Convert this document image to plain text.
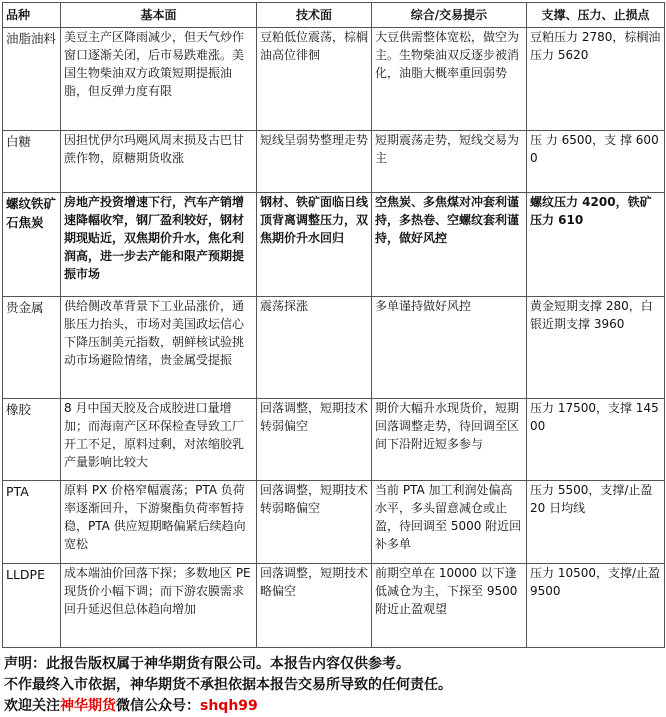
品种	基本面	技术面	综合/交易提示	支撑、压力、止损点
油脂油料	美豆主产区降雨减少，但天气炒作窗口逐渐关闭，后市易跌难涨。美国生物柴油双方政策短期提振油脂，但反弹力度有限	豆粕低位震荡，棕榈油高位徘徊	大豆供需整体宽松，做空为主。生物柴油双反逐步被消化，油脂大概率重回弱势	豆粕压力 2780，棕榈油压力 5620
白糖	因担忧伊尔玛飓风周末损及古巴甘蔗作物，原糖期货收涨	短线呈弱势整理走势	短期震荡走势，短线交易为主	压 力 6500，支 撑 6000
螺纹铁矿石焦炭	房地产投资增速下行，汽车产销增速降幅收窄，钢厂盈利较好，钢材期现贴近，双焦期价升水，焦化利润高，进一步去产能和限产预期提振市场	钢材、铁矿面临日线顶背离调整压力，双焦期价升水回归	空焦炭、多焦煤对冲套利谨持，多热卷、空螺纹套利谨持，做好风控	螺纹压力 4200，铁矿压力 610
贵金属	供给侧改革背景下工业品涨价，通胀压力抬头，市场对美国政坛信心下降压制美元指数，朝鲜核试验挑动市场避险情绪，贵金属受提振	震荡探涨	多单谨持做好风控	黄金短期支撑 280，白银近期支撑 3960
橡胶	8 月中国天胶及合成胶进口量增加；而海南产区环保检查导致工厂开工不足，原料过剩，对浓缩胶乳产量影响比较大	回落调整，短期技术转弱偏空	期价大幅升水现货价，短期回落调整走势，待回调至区间下沿附近短多参与	压力 17500，支撑 14500
PTA	原料 PX 价格窄幅震荡；PTA 负荷率逐渐回升，下游聚酯负荷率暂持稳，PTA 供应短期略偏紧后续趋向宽松	回落调整，短期技术转弱略偏空	当前 PTA 加工利润处偏高水平，多头留意减仓或止盈，待回调至 5000 附近回补多单	压力 5500，支撑/止盈 20 日均线
LLDPE	成本端油价回落下探；多数地区 PE 现货价小幅下调；而下游农膜需求回升延迟但总体趋向增加	回落调整，短期技术略偏空	前期空单在 10000 以下逢低减仓为主，下探至 9500 附近止盈观望	压力 10500，支撑/止盈 9500
声明：此报告版权属于神华期货有限公司。本报告内容仅供参考。
不作最终入市依据，神华期货不承担依据本报告交易所导致的任何责任。
欢迎关注神华期货微信公众号：shqh99
